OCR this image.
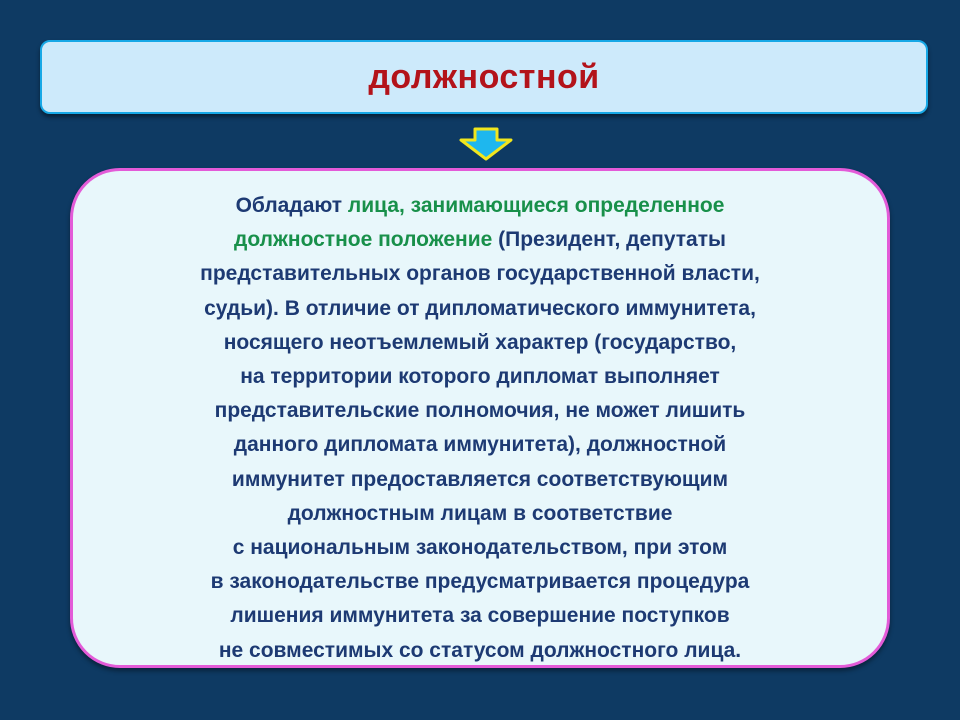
должностной
Обладают лица, занимающиеся определенное
должностное положение (Президент, депутаты
представительных органов государственной власти,
судьи). В отличие от дипломатического иммунитета,
носящего неотъемлемый характер (государство,
на территории которого дипломат выполняет
представительские полномочия, не может лишить
данного дипломата иммунитета), должностной
иммунитет предоставляется соответствующим
должностным лицам в соответствие
с национальным законодательством, при этом
в законодательстве предусматривается процедура
лишения иммунитета за совершение поступков
не совместимых со статусом должностного лица.
